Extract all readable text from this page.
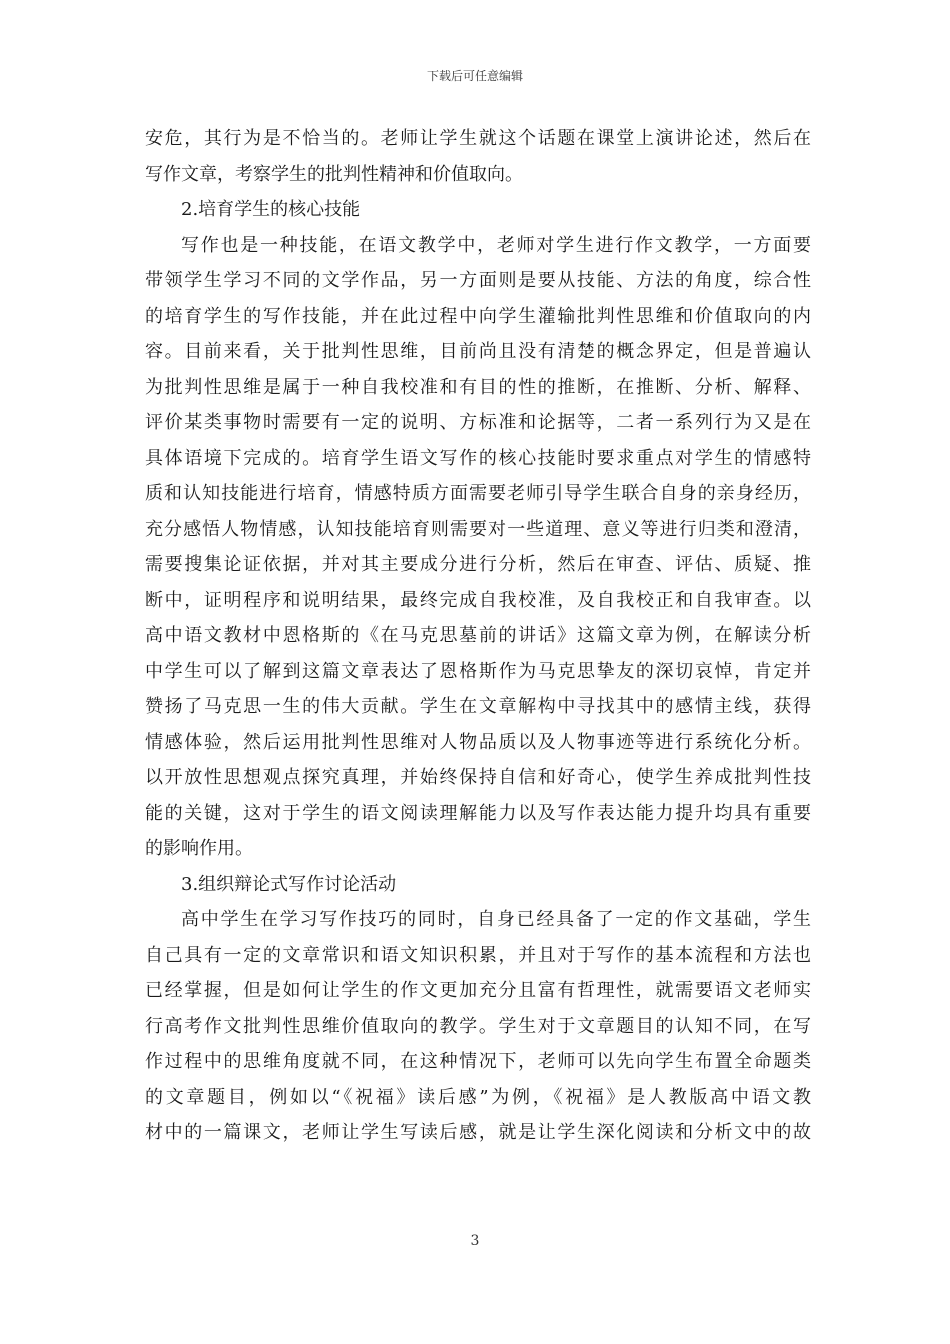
下载后可任意编辑
安危，其行为是不恰当的。老师让学生就这个话题在课堂上演讲论述，然后在
写作文章，考察学生的批判性精神和价值取向。
2.培育学生的核心技能
写作也是一种技能，在语文教学中，老师对学生进行作文教学，一方面要
带领学生学习不同的文学作品，另一方面则是要从技能、方法的角度，综合性
的培育学生的写作技能，并在此过程中向学生灌输批判性思维和价值取向的内
容。目前来看，关于批判性思维，目前尚且没有清楚的概念界定，但是普遍认
为批判性思维是属于一种自我校准和有目的性的推断，在推断、分析、解释、
评价某类事物时需要有一定的说明、方标准和论据等，二者一系列行为又是在
具体语境下完成的。培育学生语文写作的核心技能时要求重点对学生的情感特
质和认知技能进行培育，情感特质方面需要老师引导学生联合自身的亲身经历，
充分感悟人物情感，认知技能培育则需要对一些道理、意义等进行归类和澄清，
需要搜集论证依据，并对其主要成分进行分析，然后在审查、评估、质疑、推
断中，证明程序和说明结果，最终完成自我校准，及自我校正和自我审查。以
高中语文教材中恩格斯的《在马克思墓前的讲话》这篇文章为例，在解读分析
中学生可以了解到这篇文章表达了恩格斯作为马克思挚友的深切哀悼，肯定并
赞扬了马克思一生的伟大贡献。学生在文章解构中寻找其中的感情主线，获得
情感体验，然后运用批判性思维对人物品质以及人物事迹等进行系统化分析。
以开放性思想观点探究真理，并始终保持自信和好奇心，使学生养成批判性技
能的关键，这对于学生的语文阅读理解能力以及写作表达能力提升均具有重要
的影响作用。
3.组织辩论式写作讨论活动
高中学生在学习写作技巧的同时，自身已经具备了一定的作文基础，学生
自己具有一定的文章常识和语文知识积累，并且对于写作的基本流程和方法也
已经掌握，但是如何让学生的作文更加充分且富有哲理性，就需要语文老师实
行高考作文批判性思维价值取向的教学。学生对于文章题目的认知不同，在写
作过程中的思维角度就不同，在这种情况下，老师可以先向学生布置全命题类
的文章题目，例如以“《祝福》读后感”为例，《祝福》是人教版高中语文教
材中的一篇课文，老师让学生写读后感，就是让学生深化阅读和分析文中的故
3
